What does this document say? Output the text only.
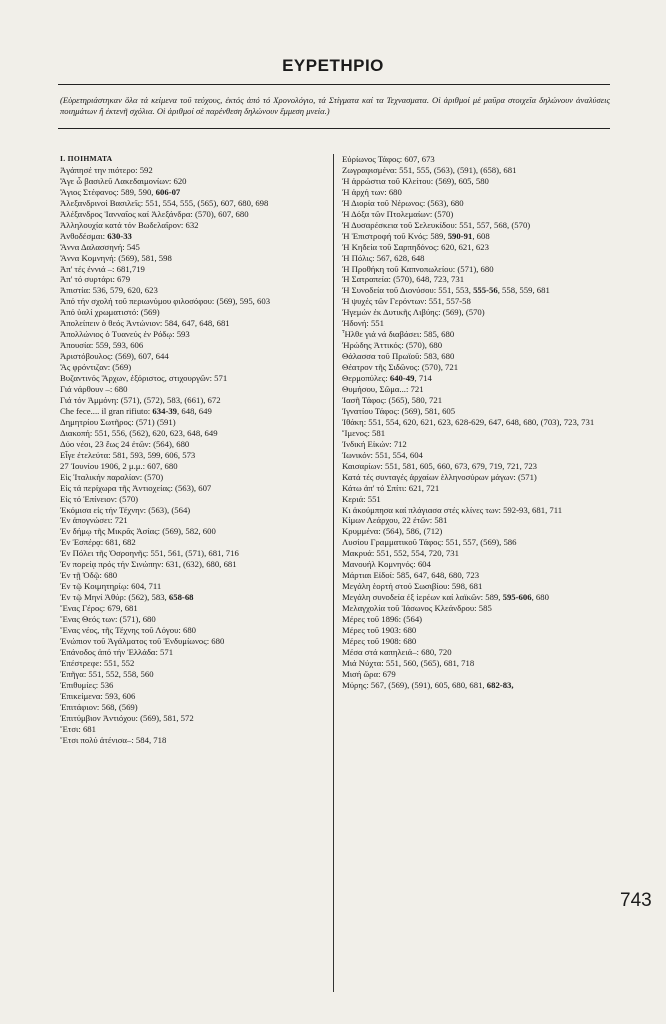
ΕΥΡΕΤΗΡΙΟ
(Εὑρετηριάστηκαν ὅλα τά κείμενα τοῦ τεύχους, ἐκτός ἀπό τό Χρονολόγιο, τά Στίγματα καί τα Τεχνασματα. Οἱ ἀριθμοί μέ μαῦρα στοιχεῖα δηλώνουν ἀναλύσεις ποιημάτων ἤ ἐκτενῆ σχόλια. Οἱ ἀριθμοί σέ παρένθεση δηλώνουν ἔμμεση μνεία.)
Ι. ΠΟΙΗΜΑΤΑ
Ἀγάπησέ την πιότερο: 592
Ἄγε ὦ βασιλεῦ Λακεδαιμονίων: 620
Ἅγιος Στέφανος: 589, 590, 606-07
Ἀλεξανδρινοί Βασιλεῖς: 551, 554, 555, (565), 607, 680, 698
Ἀλέξανδρος Ἰανναῖος καί Ἀλεξάνδρα: (570), 607, 680
Ἀλληλουχία κατά τόν Βωδελαῖρον: 632
Ἀνθοδέσμαι: 630-33
Ἄννα Δαλασσηνή: 545
Ἄννα Κομνηνή: (569), 581, 598
Ἀπ' τές ἐννιά –: 681,719
Ἀπ' τό συρτάρι: 679
Ἀπιστία: 536, 579, 620, 623
Ἀπό τήν σχολή τοῦ περιωνύμου φιλοσόφου: (569), 595, 603
Ἀπό ὑαλί χρωματιστό: (569)
Ἀπολείπειν ὁ θεός Ἀντώνιον: 584, 647, 648, 681
Ἀπολλώνιος ὁ Τυανεύς ἐν Ρόδῳ: 593
Ἀπουσία: 559, 593, 606
Ἀριστόβουλος: (569), 607, 644
Ἄς φρόντιζαν: (569)
Βυζαντινός Ἄρχων, ἐξόριστος, στιχουργῶν: 571
Γιά νάρθουν –: 680
Γιά τόν Ἀμμόνη: (571), (572), 583, (661), 672
Che fece.... il gran rifiuto: 634-39, 648, 649
Δημητρίου Σωτῆρος: (571) (591)
Διακοπή: 551, 556, (562), 620, 623, 648, 649
Δύο νέοι, 23 ἕως 24 ἐτῶν: (564), 680
Εἶγε ἐτελεύτα: 581, 593, 599, 606, 573
27 Ἰουνίου 1906, 2 μ.μ.: 607, 680
Εἰς Ἰταλικήν παραλίαν: (570)
Εἰς τά περίχωρα τῆς Ἀντιοχείας: (563), 607
Εἰς τό Ἐπίνειον: (570)
Ἐκόμισα εἰς τήν Τέχνην: (563), (564)
Ἐν ἀπογνώσει: 721
Ἐν δήμῳ τῆς Μικρᾶς Ἀσίας: (569), 582, 600
Ἐν Ἑσπέρᾳ: 681, 682
Ἐν Πόλει τῆς Ὀσροηνῆς: 551, 561, (571), 681, 716
Ἐν πορείᾳ πρός τήν Σινώπην: 631, (632), 680, 681
Ἐν τῇ Ὁδῷ: 680
Ἐν τῷ Κοιμητηρίῳ: 604, 711
Ἐν τῷ Μηνί Ἀθύρ: (562), 583, 658-68
Ἕνας Γέρος: 679, 681
Ἕνας Θεός των: (571), 680
Ἕνας νέος, τῆς Τέχνης τοῦ Λόγου: 680
Ἐνώπιον τοῦ Ἀγάλματος τοῦ Ἐνδυμίωνος: 680
Ἐπάνοδος ἀπό τήν Ἑλλάδα: 571
Ἐπέστρεφε: 551, 552
Ἐπῆγα: 551, 552, 558, 560
Ἐπιθυμίες: 536
Ἐπικείμενα: 593, 606
Ἐπιτάφιον: 568, (569)
Ἐπιτύμβιον Ἀντιόχου: (569), 581, 572
Ἔτσι: 681
Ἔτσι πολύ ἀτένισα–: 584, 718
Εὐρίωνος Τάφος: 607, 673
Ζωγραφισμένα: 551, 555, (563), (591), (658), 681
Ἡ ἀρρώστια τοῦ Κλείτου: (569), 605, 580
Ἡ ἀρχή των: 680
Ἡ Διορία τοῦ Νέρωνος: (563), 680
Ἡ Δόξα τῶν Πτολεμαίων: (570)
Ἡ Δυσαρέσκεια τοῦ Σελευκίδου: 551, 557, 568, (570)
Ἡ Ἐπιστροφή τοῦ Κνός: 589, 590-91, 608
Ἡ Κηδεία τοῦ Σαρπηδόνος: 620, 621, 623
Ἡ Πόλις: 567, 628, 648
Ἡ Προθήκη τοῦ Καπνοπωλείου: (571), 680
Ἡ Σατραπεία: (570), 648, 723, 731
Ἡ Συνοδεία τοῦ Διονύσου: 551, 553, 555-56, 558, 559, 681
Ἡ ψυχές τῶν Γερόντων: 551, 557-58
Ἡγεμών ἐκ Δυτικῆς Λιβύης: (569), (570)
Ἡδονή: 551
Ἦλθε γιά νά διαβάσει: 585, 680
Ἡρώδης Ἀττικός: (570), 680
Θάλασσα τοῦ Πρωϊοῦ: 583, 680
Θέατρον τῆς Σιδῶνος: (570), 721
Θερμοπύλες: 640-49, 714
Θυμήσου, Σῶμα...: 721
Ἰασῆ Τάφος: (565), 580, 721
Ἰγνατίου Τάφος: (569), 581, 605
Ἰθάκη: 551, 554, 620, 621, 623, 628-629, 647, 648, 680, (703), 723, 731
Ἴμενος: 581
Ἰνδική Εἰκών: 712
Ἰωνικόν: 551, 554, 604
Καισαρίων: 551, 581, 605, 660, 673, 679, 719, 721, 723
Κατά τές συνταγές ἀρχαίων ἑλληνοσύρων μάγων: (571)
Κάτω ἀπ' τό Σπίτι: 621, 721
Κεριά: 551
Κι ἀκούμπησα καί πλάγιασα στές κλίνες των: 592-93, 681, 711
Κίμων Λεάρχου, 22 ἐτῶν: 581
Κρυμμένα: (564), 586, (712)
Λυσίου Γραμματικοῦ Τάφος: 551, 557, (569), 586
Μακρυά: 551, 552, 554, 720, 731
Μανουήλ Κομνηνός: 604
Μάρτιαι Εἰδοί: 585, 647, 648, 680, 723
Μεγάλη ἑορτή στού Σωσιβίου: 598, 681
Μεγάλη συνοδεία ἐξ ἱερέων καί λαϊκῶν: 589, 595-606, 680
Μελαγχολία τοῦ Ἰάσωνος Κλεάνδρου: 585
Μέρες τοῦ 1896: (564)
Μέρες τοῦ 1903: 680
Μέρες τοῦ 1908: 680
Μέσα στά καπηλειά–: 680, 720
Μιά Νύχτα: 551, 560, (565), 681, 718
Μισή ὥρα: 679
Μύρης: 567, (569), (591), 605, 680, 681, 682-83,
743
